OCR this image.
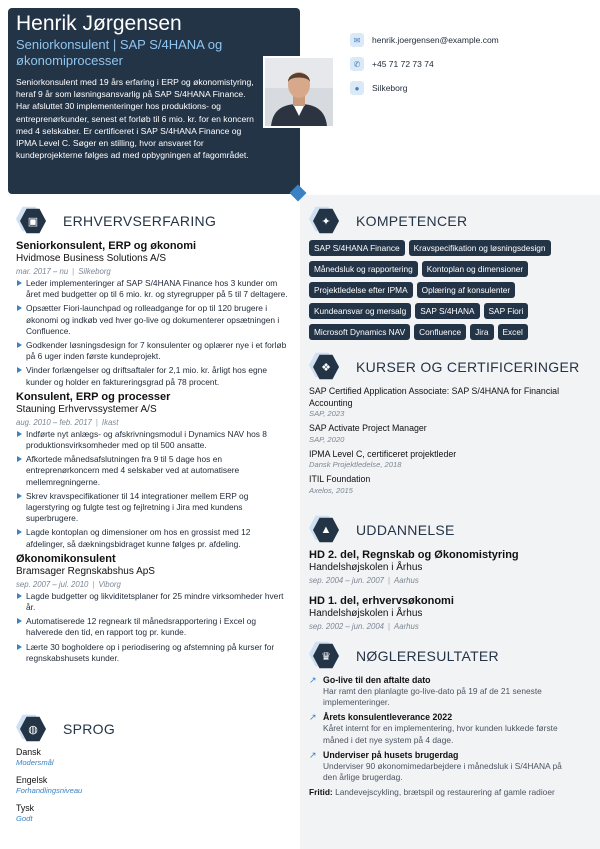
Henrik Jørgensen
Seniorkonsulent | SAP S/4HANA og økonomiprocesser
Seniorkonsulent med 19 års erfaring i ERP og økonomistyring, heraf 9 år som løsningsansvarlig på SAP S/4HANA Finance. Har afsluttet 30 implementeringer hos produktions- og entreprenørkunder, senest et forløb til 6 mio. kr. for en koncern med 4 selskaber. Er certificeret i SAP S/4HANA Finance og IPMA Level C. Søger en stilling, hvor ansvaret for kundeprojekterne følges ad med opbygningen af fagområdet.
✉	henrik.joergensen@example.com
✆	+45 71 72 73 74
●	Silkeborg
▣	ERHVERVSERFARING
Seniorkonsulent, ERP og økonomi
Hvidmose Business Solutions A/S
mar. 2017 – nu | Silkeborg
Leder implementeringer af SAP S/4HANA Finance hos 3 kunder om året med budgetter op til 6 mio. kr. og styregrupper på 5 til 7 deltagere.
Opsætter Fiori-launchpad og rolleadgange for op til 120 brugere i økonomi og indkøb ved hver go-live og dokumenterer opsætningen i Confluence.
Godkender løsningsdesign for 7 konsulenter og oplærer nye i et forløb på 6 uger inden første kundeprojekt.
Vinder forlængelser og driftsaftaler for 2,1 mio. kr. årligt hos egne kunder og holder en faktureringsgrad på 78 procent.
Konsulent, ERP og processer
Stauning Erhvervssystemer A/S
aug. 2010 – feb. 2017 | Ikast
Indførte nyt anlægs- og afskrivningsmodul i Dynamics NAV hos 8 produktionsvirksomheder med op til 500 ansatte.
Afkortede månedsafslutningen fra 9 til 5 dage hos en entreprenørkoncern med 4 selskaber ved at automatisere mellemregningerne.
Skrev kravspecifikationer til 14 integrationer mellem ERP og lagerstyring og fulgte test og fejlretning i Jira med kundens superbrugere.
Lagde kontoplan og dimensioner om hos en grossist med 12 afdelinger, så dækningsbidraget kunne følges pr. afdeling.
Økonomikonsulent
Bramsager Regnskabshus ApS
sep. 2007 – jul. 2010 | Viborg
Lagde budgetter og likviditetsplaner for 25 mindre virksomheder hvert år.
Automatiserede 12 regneark til månedsrapportering i Excel og halverede den tid, en rapport tog pr. kunde.
Lærte 30 bogholdere op i periodisering og afstemning på kurser for regnskabshusets kunder.
◍	SPROG
Dansk
Modersmål
Engelsk
Forhandlingsniveau
Tysk
Godt
✦	KOMPETENCER
SAP S/4HANA Finance	Kravspecifikation og løsningsdesign
Månedsluk og rapportering	Kontoplan og dimensioner
Projektledelse efter IPMA	Oplæring af konsulenter
Kundeansvar og mersalg	SAP S/4HANA	SAP Fiori
Microsoft Dynamics NAV	Confluence	Jira	Excel
❖	KURSER OG CERTIFICERINGER
SAP Certified Application Associate: SAP S/4HANA for Financial Accounting
SAP, 2023
SAP Activate Project Manager
SAP, 2020
IPMA Level C, certificeret projektleder
Dansk Projektledelse, 2018
ITIL Foundation
Axelos, 2015
▲	UDDANNELSE
HD 2. del, Regnskab og Økonomistyring
Handelshøjskolen i Århus
sep. 2004 – jun. 2007 | Aarhus
HD 1. del, erhvervsøkonomi
Handelshøjskolen i Århus
sep. 2002 – jun. 2004 | Aarhus
♛	NØGLERESULTATER
↗ Go-live til den aftalte dato
Har ramt den planlagte go-live-dato på 19 af de 21 seneste implementeringer.
↗ Årets konsulentleverance 2022
Kåret internt for en implementering, hvor kunden lukkede første måned i det nye system på 4 dage.
↗ Underviser på husets brugerdag
Underviser 90 økonomimedarbejdere i månedsluk i S/4HANA på den årlige brugerdag.
Fritid: Landevejscykling, brætspil og restaurering af gamle radioer
